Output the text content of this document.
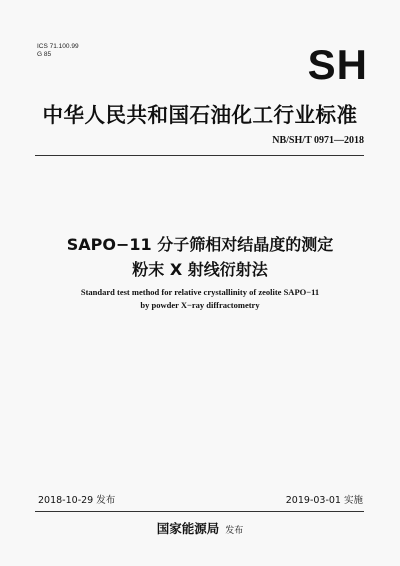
ICS 71.100.99
G 85	SH
中华人民共和国石油化工行业标准
NB/SH/T 0971—2018
SAPO−11 分子筛相对结晶度的测定
粉末 X 射线衍射法
Standard test method for relative crystallinity of zeolite SAPO−11
by powder X−ray diffractometry
2018-10-29 发布	2019-03-01 实施
国家能源局 发布
